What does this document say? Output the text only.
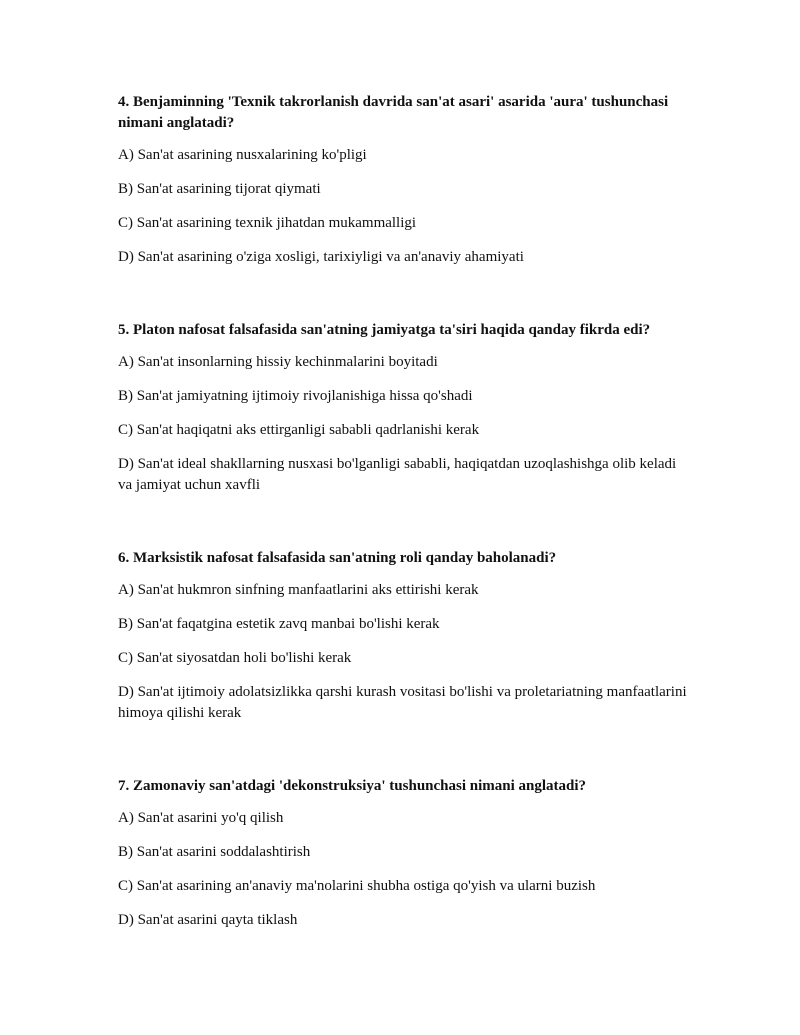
4. Benjaminning 'Texnik takrorlanish davrida san'at asari' asarida 'aura' tushunchasi nimani anglatadi?

A) San'at asarining nusxalarining ko'pligi

B) San'at asarining tijorat qiymati

C) San'at asarining texnik jihatdan mukammalligi

D) San'at asarining o'ziga xosligi, tarixiyligi va an'anaviy ahamiyati

5. Platon nafosat falsafasida san'atning jamiyatga ta'siri haqida qanday fikrda edi?

A) San'at insonlarning hissiy kechinmalarini boyitadi

B) San'at jamiyatning ijtimoiy rivojlanishiga hissa qo'shadi

C) San'at haqiqatni aks ettirganligi sababli qadrlanishi kerak

D) San'at ideal shakllarning nusxasi bo'lganligi sababli, haqiqatdan uzoqlashishga olib keladi va jamiyat uchun xavfli

6. Marksistik nafosat falsafasida san'atning roli qanday baholanadi?

A) San'at hukmron sinfning manfaatlarini aks ettirishi kerak

B) San'at faqatgina estetik zavq manbai bo'lishi kerak

C) San'at siyosatdan holi bo'lishi kerak

D) San'at ijtimoiy adolatsizlikka qarshi kurash vositasi bo'lishi va proletariatning manfaatlarini himoya qilishi kerak

7. Zamonaviy san'atdagi 'dekonstruksiya' tushunchasi nimani anglatadi?

A) San'at asarini yo'q qilish

B) San'at asarini soddalashtirish

C) San'at asarining an'anaviy ma'nolarini shubha ostiga qo'yish va ularni buzish

D) San'at asarini qayta tiklash
